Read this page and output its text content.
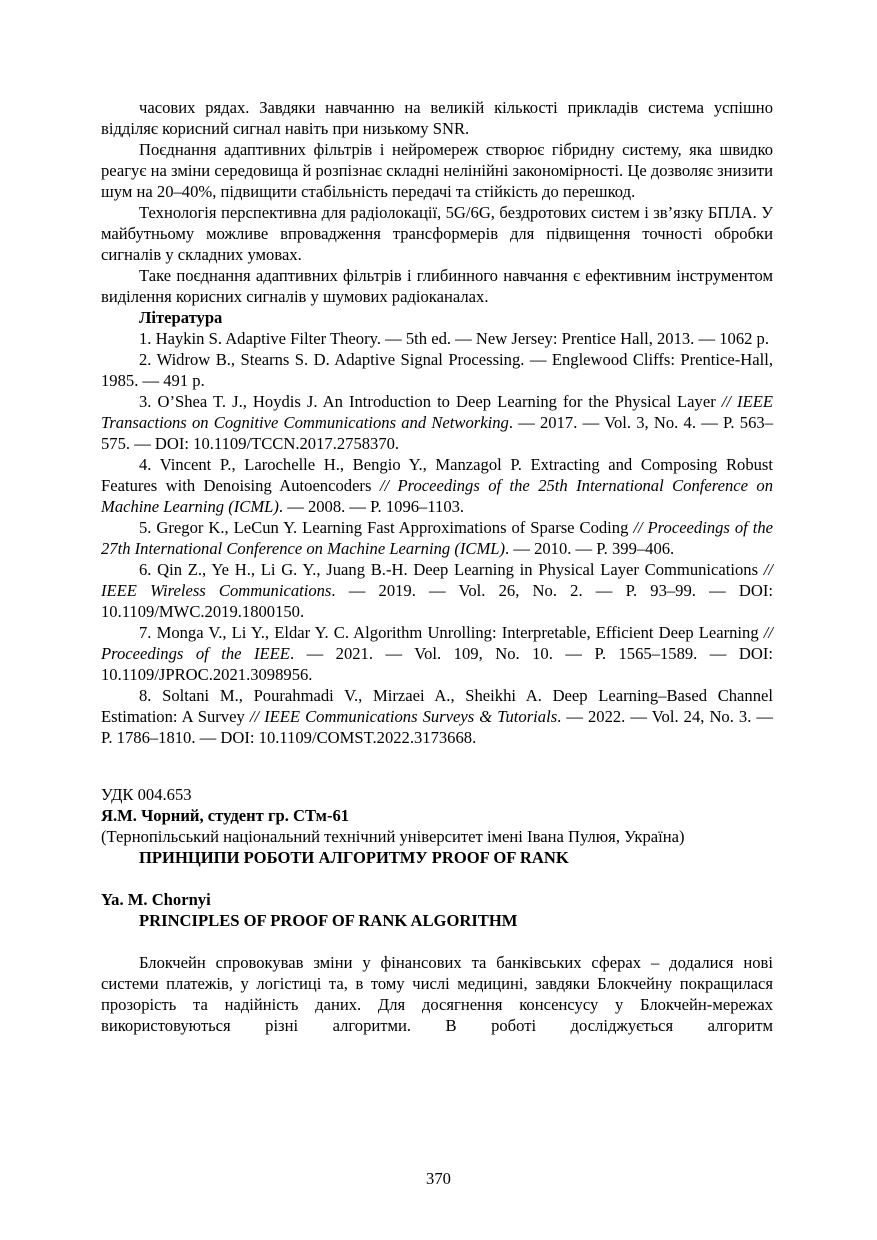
часових рядах. Завдяки навчанню на великій кількості прикладів система успішно відділяє корисний сигнал навіть при низькому SNR.

Поєднання адаптивних фільтрів і нейромереж створює гібридну систему, яка швидко реагує на зміни середовища й розпізнає складні нелінійні закономірності. Це дозволяє знизити шум на 20–40%, підвищити стабільність передачі та стійкість до перешкод.

Технологія перспективна для радіолокації, 5G/6G, бездротових систем і зв’язку БПЛА. У майбутньому можливе впровадження трансформерів для підвищення точності обробки сигналів у складних умовах.

Таке поєднання адаптивних фільтрів і глибинного навчання є ефективним інструментом виділення корисних сигналів у шумових радіоканалах.

Література

1. Haykin S. Adaptive Filter Theory. — 5th ed. — New Jersey: Prentice Hall, 2013. — 1062 p.

2. Widrow B., Stearns S. D. Adaptive Signal Processing. — Englewood Cliffs: Prentice-Hall, 1985. — 491 p.

3. O’Shea T. J., Hoydis J. An Introduction to Deep Learning for the Physical Layer // IEEE Transactions on Cognitive Communications and Networking. — 2017. — Vol. 3, No. 4. — P. 563–575. — DOI: 10.1109/TCCN.2017.2758370.

4. Vincent P., Larochelle H., Bengio Y., Manzagol P. Extracting and Composing Robust Features with Denoising Autoencoders // Proceedings of the 25th International Conference on Machine Learning (ICML). — 2008. — P. 1096–1103.

5. Gregor K., LeCun Y. Learning Fast Approximations of Sparse Coding // Proceedings of the 27th International Conference on Machine Learning (ICML). — 2010. — P. 399–406.

6. Qin Z., Ye H., Li G. Y., Juang B.-H. Deep Learning in Physical Layer Communications // IEEE Wireless Communications. — 2019. — Vol. 26, No. 2. — P. 93–99. — DOI: 10.1109/MWC.2019.1800150.

7. Monga V., Li Y., Eldar Y. C. Algorithm Unrolling: Interpretable, Efficient Deep Learning // Proceedings of the IEEE. — 2021. — Vol. 109, No. 10. — P. 1565–1589. — DOI: 10.1109/JPROC.2021.3098956.

8. Soltani M., Pourahmadi V., Mirzaei A., Sheikhi A. Deep Learning–Based Channel Estimation: A Survey // IEEE Communications Surveys & Tutorials. — 2022. — Vol. 24, No. 3. — P. 1786–1810. — DOI: 10.1109/COMST.2022.3173668.

УДК 004.653

Я.М. Чорний, студент гр. СТм-61

(Тернопільський національний технічний університет імені Івана Пулюя, Україна)

ПРИНЦИПИ РОБОТИ АЛГОРИТМУ PROOF OF RANK

Ya. M. Chornyi

PRINCIPLES OF PROOF OF RANK ALGORITHM

Блокчейн спровокував зміни у фінансових та банківських сферах – додалися нові системи платежів, у логістиці та, в тому числі медицині, завдяки Блокчейну покращилася прозорість та надійність даних. Для досягнення консенсусу у Блокчейн-мережах використовуються різні алгоритми. В роботі досліджується алгоритм

370
